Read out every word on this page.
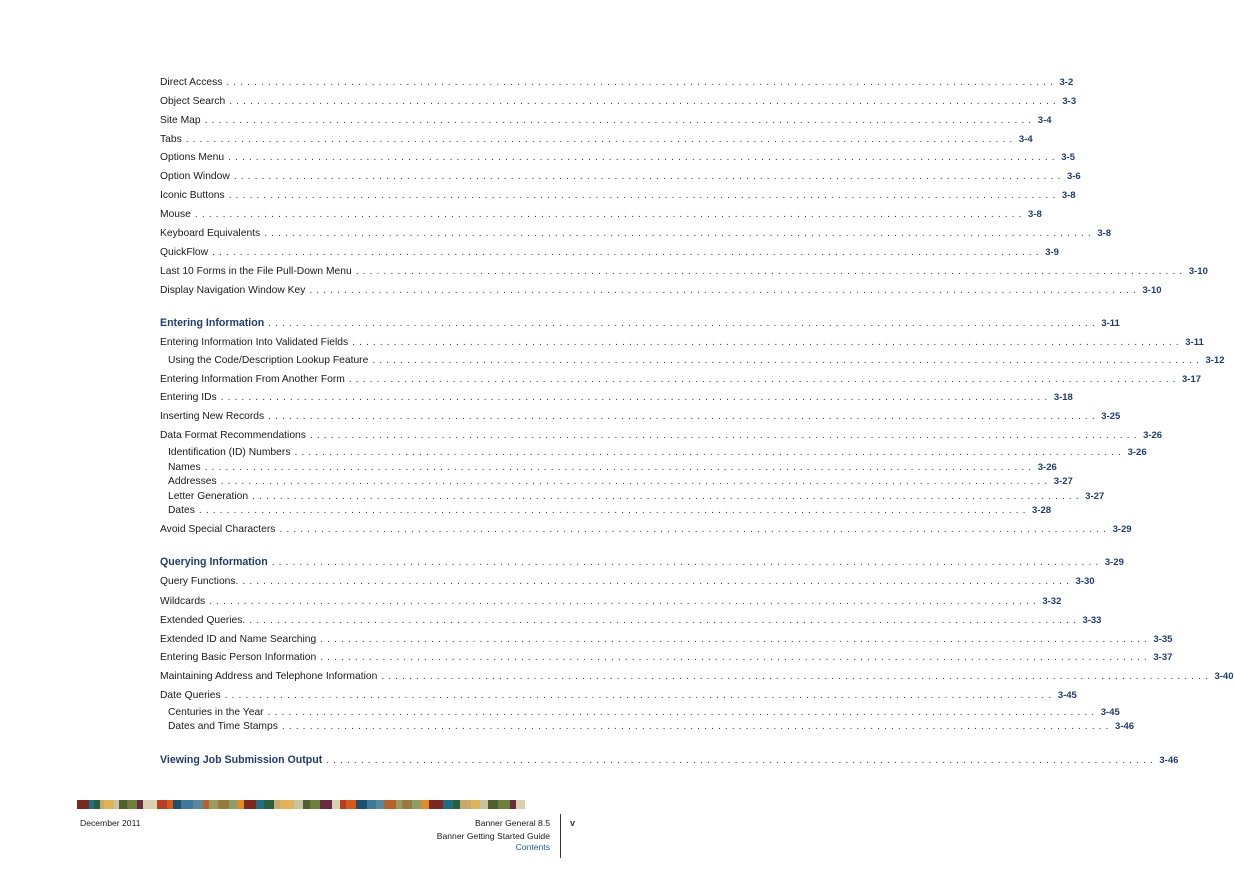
Direct Access . . . . . . . . . . . . . . . . . . . . . . . . . . . . . . . . . . . . . . . . . . . . . . . . . . . . . . . . . . . . . . . . . . . . . . . . . . . . . . . . . . . . . . . . . . . . . . . . . . . . . . . . . . . . . . . . . . . . . . . . 3-2
Object Search . . . . . . . . . . . . . . . . . . . . . . . . . . . . . . . . . . . . . . . . . . . . . . . . . . . . . . . . . . . . . . . . . . . . . . . . . . . . . . . . . . . . . . . . . . . . . . . . . . . . . . . . . . . . . . . . . . . . . . . . 3-3
Site Map . . . . . . . . . . . . . . . . . . . . . . . . . . . . . . . . . . . . . . . . . . . . . . . . . . . . . . . . . . . . . . . . . . . . . . . . . . . . . . . . . . . . . . . . . . . . . . . . . . . . . . . . . . . . . . . . . . . . . . . . 3-4
Tabs . . . . . . . . . . . . . . . . . . . . . . . . . . . . . . . . . . . . . . . . . . . . . . . . . . . . . . . . . . . . . . . . . . . . . . . . . . . . . . . . . . . . . . . . . . . . . . . . . . . . . . . . . . . . . . . . . . . . . . . . 3-4
Options Menu . . . . . . . . . . . . . . . . . . . . . . . . . . . . . . . . . . . . . . . . . . . . . . . . . . . . . . . . . . . . . . . . . . . . . . . . . . . . . . . . . . . . . . . . . . . . . . . . . . . . . . . . . . . . . . . . . . . . . . . . 3-5
Option Window . . . . . . . . . . . . . . . . . . . . . . . . . . . . . . . . . . . . . . . . . . . . . . . . . . . . . . . . . . . . . . . . . . . . . . . . . . . . . . . . . . . . . . . . . . . . . . . . . . . . . . . . . . . . . . . . . . . . . . . . 3-6
Iconic Buttons . . . . . . . . . . . . . . . . . . . . . . . . . . . . . . . . . . . . . . . . . . . . . . . . . . . . . . . . . . . . . . . . . . . . . . . . . . . . . . . . . . . . . . . . . . . . . . . . . . . . . . . . . . . . . . . . . . . . . . . . 3-8
Mouse . . . . . . . . . . . . . . . . . . . . . . . . . . . . . . . . . . . . . . . . . . . . . . . . . . . . . . . . . . . . . . . . . . . . . . . . . . . . . . . . . . . . . . . . . . . . . . . . . . . . . . . . . . . . . . . . . . . . . . . . 3-8
Keyboard Equivalents . . . . . . . . . . . . . . . . . . . . . . . . . . . . . . . . . . . . . . . . . . . . . . . . . . . . . . . . . . . . . . . . . . . . . . . . . . . . . . . . . . . . . . . . . . . . . . . . . . . . . . . . . . . . . . . . . . . . . . . . 3-8
QuickFlow . . . . . . . . . . . . . . . . . . . . . . . . . . . . . . . . . . . . . . . . . . . . . . . . . . . . . . . . . . . . . . . . . . . . . . . . . . . . . . . . . . . . . . . . . . . . . . . . . . . . . . . . . . . . . . . . . . . . . . . . 3-9
Last 10 Forms in the File Pull-Down Menu . . . . . . . . . . . . . . . . . . . . . . . . . . . . . . . . . . . . . . . . . . . . . . . . . . . . . . . . . . . . . . . . . . . . . . . . . . . . . . . . . . . . . . . . . . . . . . . . . . . . . . . . . . . . . . . . . . . . . . . . 3-10
Display Navigation Window Key . . . . . . . . . . . . . . . . . . . . . . . . . . . . . . . . . . . . . . . . . . . . . . . . . . . . . . . . . . . . . . . . . . . . . . . . . . . . . . . . . . . . . . . . . . . . . . . . . . . . . . . . . . . . . . . . . . . . . . . . 3-10
Entering Information . . . . . . . . . . . . . . . . . . . . . . . . . . . . . . . . . . . . . . . . . . . . . . . . . . . . . . . . . . . . . . . . . . . . . . . . . . . . . . . . . . . . . . . . . . . . . . . . . . . . . . . . . . . . . . . . . . . . . . . . 3-11
Entering Information Into Validated Fields . . . . . . . . . . . . . . . . . . . . . . . . . . . . . . . . . . . . . . . . . . . . . . . . . . . . . . . . . . . . . . . . . . . . . . . . . . . . . . . . . . . . . . . . . . . . . . . . . . . . . . . . . . . . . . . . . . . . . . . . 3-11
Using the Code/Description Lookup Feature . . . . . . . . . . . . . . . . . . . . . . . . . . . . . . . . . . . . . . . . . . . . . . . . . . . . . . . . . . . . . . . . . . . . . . . . . . . . . . . . . . . . . . . . . . . . . . . . . . . . . . . . . . . . . . . . . . . . . . . . 3-12
Entering Information From Another Form . . . . . . . . . . . . . . . . . . . . . . . . . . . . . . . . . . . . . . . . . . . . . . . . . . . . . . . . . . . . . . . . . . . . . . . . . . . . . . . . . . . . . . . . . . . . . . . . . . . . . . . . . . . . . . . . . . . . . . . . 3-17
Entering IDs . . . . . . . . . . . . . . . . . . . . . . . . . . . . . . . . . . . . . . . . . . . . . . . . . . . . . . . . . . . . . . . . . . . . . . . . . . . . . . . . . . . . . . . . . . . . . . . . . . . . . . . . . . . . . . . . . . . . . . . . 3-18
Inserting New Records . . . . . . . . . . . . . . . . . . . . . . . . . . . . . . . . . . . . . . . . . . . . . . . . . . . . . . . . . . . . . . . . . . . . . . . . . . . . . . . . . . . . . . . . . . . . . . . . . . . . . . . . . . . . . . . . . . . . . . . . 3-25
Data Format Recommendations . . . . . . . . . . . . . . . . . . . . . . . . . . . . . . . . . . . . . . . . . . . . . . . . . . . . . . . . . . . . . . . . . . . . . . . . . . . . . . . . . . . . . . . . . . . . . . . . . . . . . . . . . . . . . . . . . . . . . . . . 3-26
Identification (ID) Numbers . . . . . . . . . . . . . . . . . . . . . . . . . . . . . . . . . . . . . . . . . . . . . . . . . . . . . . . . . . . . . . . . . . . . . . . . . . . . . . . . . . . . . . . . . . . . . . . . . . . . . . . . . . . . . . . . . . . . . . . . 3-26
Names . . . . . . . . . . . . . . . . . . . . . . . . . . . . . . . . . . . . . . . . . . . . . . . . . . . . . . . . . . . . . . . . . . . . . . . . . . . . . . . . . . . . . . . . . . . . . . . . . . . . . . . . . . . . . . . . . . . . . . . . 3-26
Addresses . . . . . . . . . . . . . . . . . . . . . . . . . . . . . . . . . . . . . . . . . . . . . . . . . . . . . . . . . . . . . . . . . . . . . . . . . . . . . . . . . . . . . . . . . . . . . . . . . . . . . . . . . . . . . . . . . . . . . . . . 3-27
Letter Generation . . . . . . . . . . . . . . . . . . . . . . . . . . . . . . . . . . . . . . . . . . . . . . . . . . . . . . . . . . . . . . . . . . . . . . . . . . . . . . . . . . . . . . . . . . . . . . . . . . . . . . . . . . . . . . . . . . . . . . . . 3-27
Dates . . . . . . . . . . . . . . . . . . . . . . . . . . . . . . . . . . . . . . . . . . . . . . . . . . . . . . . . . . . . . . . . . . . . . . . . . . . . . . . . . . . . . . . . . . . . . . . . . . . . . . . . . . . . . . . . . . . . . . . . 3-28
Avoid Special Characters . . . . . . . . . . . . . . . . . . . . . . . . . . . . . . . . . . . . . . . . . . . . . . . . . . . . . . . . . . . . . . . . . . . . . . . . . . . . . . . . . . . . . . . . . . . . . . . . . . . . . . . . . . . . . . . . . . . . . . . . 3-29
Querying Information . . . . . . . . . . . . . . . . . . . . . . . . . . . . . . . . . . . . . . . . . . . . . . . . . . . . . . . . . . . . . . . . . . . . . . . . . . . . . . . . . . . . . . . . . . . . . . . . . . . . . . . . . . . . . . . . . . . . . . . . 3-29
Query Functions. . . . . . . . . . . . . . . . . . . . . . . . . . . . . . . . . . . . . . . . . . . . . . . . . . . . . . . . . . . . . . . . . . . . . . . . . . . . . . . . . . . . . . . . . . . . . . . . . . . . . . . . . . . . . . . . . . . . . . . . . 3-30
Wildcards . . . . . . . . . . . . . . . . . . . . . . . . . . . . . . . . . . . . . . . . . . . . . . . . . . . . . . . . . . . . . . . . . . . . . . . . . . . . . . . . . . . . . . . . . . . . . . . . . . . . . . . . . . . . . . . . . . . . . . . . 3-32
Extended Queries. . . . . . . . . . . . . . . . . . . . . . . . . . . . . . . . . . . . . . . . . . . . . . . . . . . . . . . . . . . . . . . . . . . . . . . . . . . . . . . . . . . . . . . . . . . . . . . . . . . . . . . . . . . . . . . . . . . . . . . . . 3-33
Extended ID and Name Searching . . . . . . . . . . . . . . . . . . . . . . . . . . . . . . . . . . . . . . . . . . . . . . . . . . . . . . . . . . . . . . . . . . . . . . . . . . . . . . . . . . . . . . . . . . . . . . . . . . . . . . . . . . . . . . . . . . . . . . . . 3-35
Entering Basic Person Information . . . . . . . . . . . . . . . . . . . . . . . . . . . . . . . . . . . . . . . . . . . . . . . . . . . . . . . . . . . . . . . . . . . . . . . . . . . . . . . . . . . . . . . . . . . . . . . . . . . . . . . . . . . . . . . . . . . . . . . . 3-37
Maintaining Address and Telephone Information . . . . . . . . . . . . . . . . . . . . . . . . . . . . . . . . . . . . . . . . . . . . . . . . . . . . . . . . . . . . . . . . . . . . . . . . . . . . . . . . . . . . . . . . . . . . . . . . . . . . . . . . . . . . . . . . . . . . . . . . 3-40
Date Queries . . . . . . . . . . . . . . . . . . . . . . . . . . . . . . . . . . . . . . . . . . . . . . . . . . . . . . . . . . . . . . . . . . . . . . . . . . . . . . . . . . . . . . . . . . . . . . . . . . . . . . . . . . . . . . . . . . . . . . . . 3-45
Centuries in the Year . . . . . . . . . . . . . . . . . . . . . . . . . . . . . . . . . . . . . . . . . . . . . . . . . . . . . . . . . . . . . . . . . . . . . . . . . . . . . . . . . . . . . . . . . . . . . . . . . . . . . . . . . . . . . . . . . . . . . . . . 3-45
Dates and Time Stamps . . . . . . . . . . . . . . . . . . . . . . . . . . . . . . . . . . . . . . . . . . . . . . . . . . . . . . . . . . . . . . . . . . . . . . . . . . . . . . . . . . . . . . . . . . . . . . . . . . . . . . . . . . . . . . . . . . . . . . . . 3-46
Viewing Job Submission Output . . . . . . . . . . . . . . . . . . . . . . . . . . . . . . . . . . . . . . . . . . . . . . . . . . . . . . . . . . . . . . . . . . . . . . . . . . . . . . . . . . . . . . . . . . . . . . . . . . . . . . . . . . . . . . . . . . . . . . . . 3-46
December 2011	Banner General 8.5
Banner Getting Started Guide
Contents
v
